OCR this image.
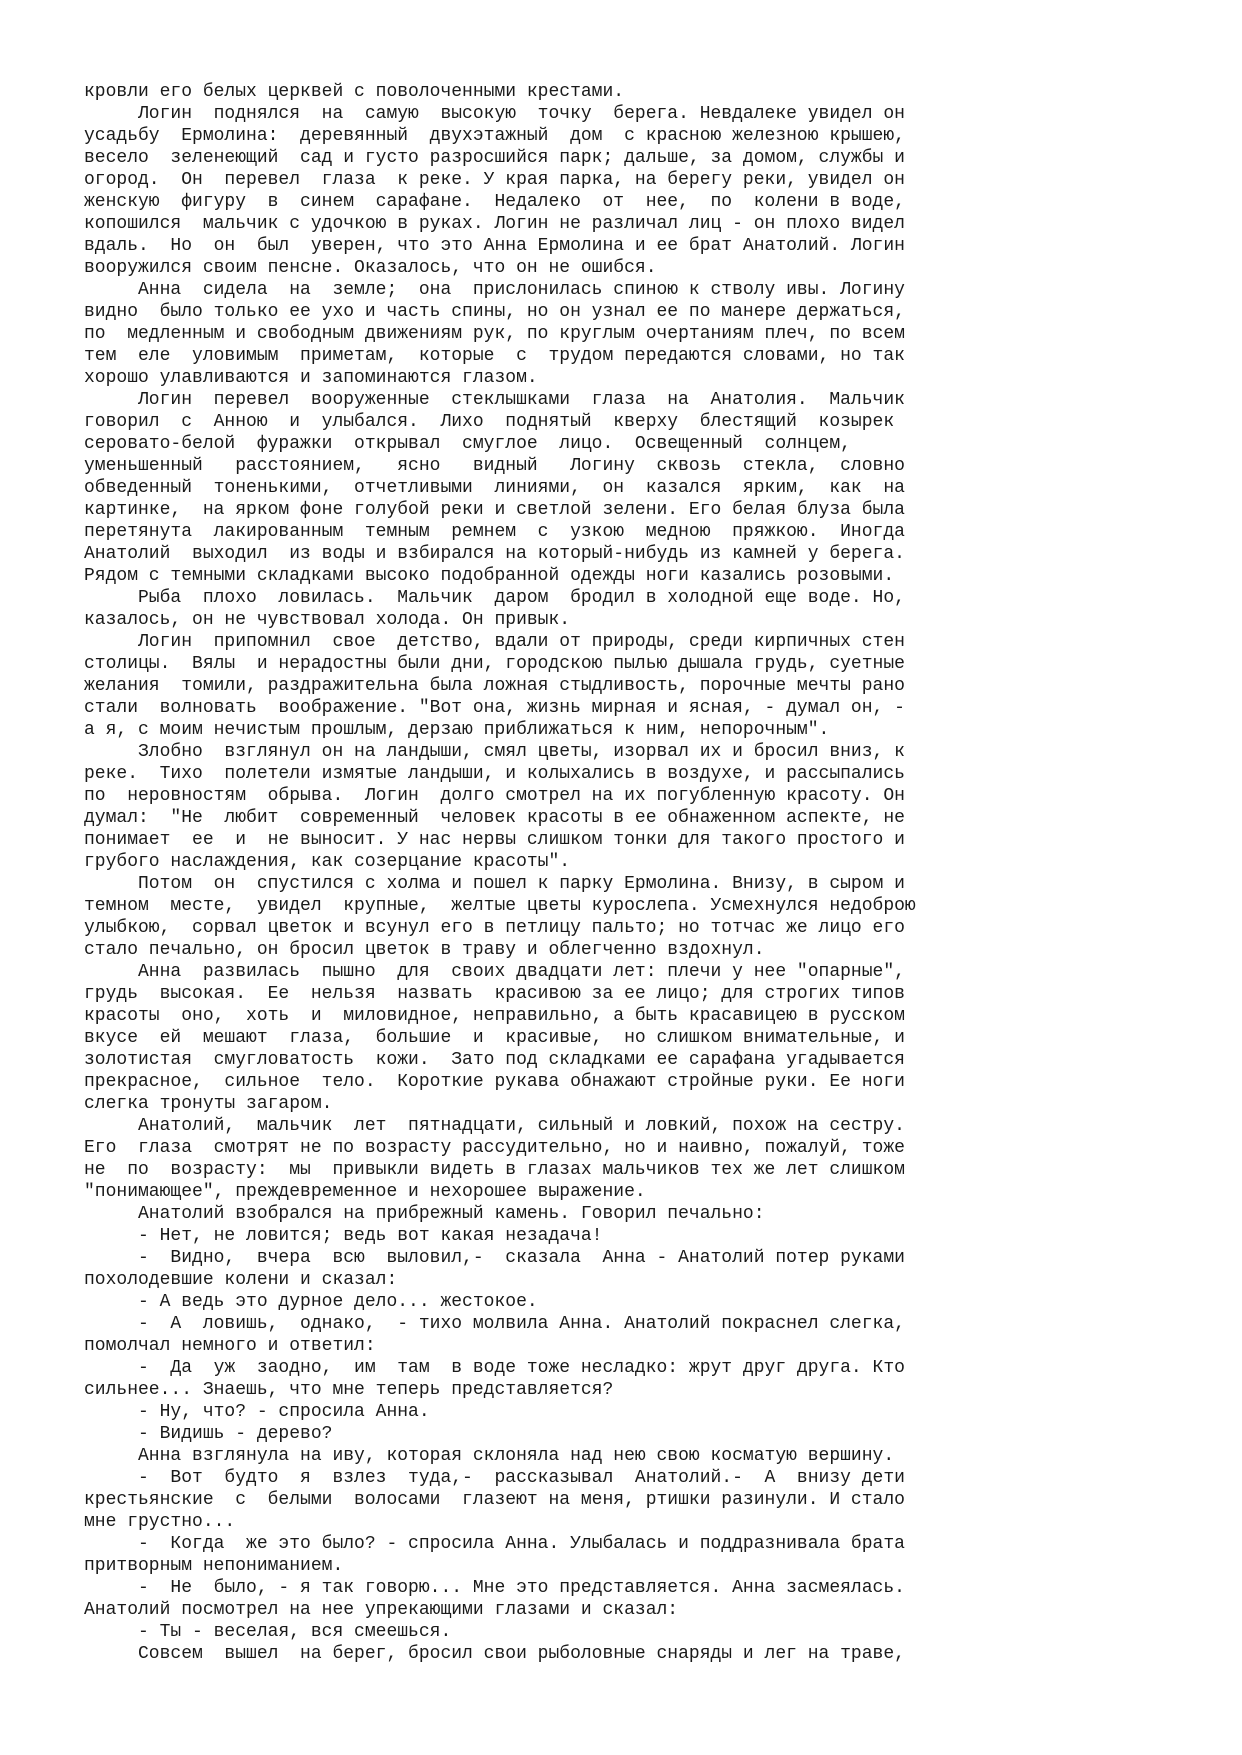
кровли его белых церквей с поволоченными крестами.
Логин  поднялся  на  самую  высокую  точку  берега. Невдалеке увидел он
усадьбу  Ермолина:  деревянный  двухэтажный  дом  с красною железною крышею,
весело  зеленеющий  сад и густо разросшийся парк; дальше, за домом, службы и
огород.  Он  перевел  глаза  к реке. У края парка, на берегу реки, увидел он
женскую  фигуру  в  синем  сарафане.  Недалеко  от  нее,  по  колени в воде,
копошился  мальчик с удочкою в руках. Логин не различал лиц - он плохо видел
вдаль.  Но  он  был  уверен, что это Анна Ермолина и ее брат Анатолий. Логин
вооружился своим пенсне. Оказалось, что он не ошибся.
Анна  сидела  на  земле;  она  прислонилась спиною к стволу ивы. Логину
видно  было только ее ухо и часть спины, но он узнал ее по манере держаться,
по  медленным и свободным движениям рук, по круглым очертаниям плеч, по всем
тем  еле  уловимым  приметам,  которые  с  трудом передаются словами, но так
хорошо улавливаются и запоминаются глазом.
Логин  перевел  вооруженные  стеклышками  глаза  на  Анатолия.  Мальчик
говорил  с  Анною  и  улыбался.  Лихо  поднятый  кверху  блестящий  козырек
серовато-белой  фуражки  открывал  смуглое  лицо.  Освещенный  солнцем,
уменьшенный   расстоянием,   ясно   видный   Логину  сквозь  стекла,  словно
обведенный  тоненькими,  отчетливыми  линиями,  он  казался  ярким,  как  на
картинке,  на ярком фоне голубой реки и светлой зелени. Его белая блуза была
перетянута  лакированным  темным  ремнем  с  узкою  медною  пряжкою.  Иногда
Анатолий  выходил  из воды и взбирался на который-нибудь из камней у берега.
Рядом с темными складками высоко подобранной одежды ноги казались розовыми.
Рыба  плохо  ловилась.  Мальчик  даром  бродил в холодной еще воде. Но,
казалось, он не чувствовал холода. Он привык.
Логин  припомнил  свое  детство, вдали от природы, среди кирпичных стен
столицы.  Вялы  и нерадостны были дни, городскою пылью дышала грудь, суетные
желания  томили, раздражительна была ложная стыдливость, порочные мечты рано
стали  волновать  воображение. "Вот она, жизнь мирная и ясная, - думал он, -
а я, с моим нечистым прошлым, дерзаю приближаться к ним, непорочным".
Злобно  взглянул он на ландыши, смял цветы, изорвал их и бросил вниз, к
реке.  Тихо  полетели измятые ландыши, и колыхались в воздухе, и рассыпались
по  неровностям  обрыва.  Логин  долго смотрел на их погубленную красоту. Он
думал:  "Не  любит  современный  человек красоты в ее обнаженном аспекте, не
понимает  ее  и  не выносит. У нас нервы слишком тонки для такого простого и
грубого наслаждения, как созерцание красоты".
Потом  он  спустился с холма и пошел к парку Ермолина. Внизу, в сыром и
темном  месте,  увидел  крупные,  желтые цветы курослепа. Усмехнулся недоброю
улыбкою,  сорвал цветок и всунул его в петлицу пальто; но тотчас же лицо его
стало печально, он бросил цветок в траву и облегченно вздохнул.
Анна  развилась  пышно  для  своих двадцати лет: плечи у нее "опарные",
грудь  высокая.  Ее  нельзя  назвать  красивою за ее лицо; для строгих типов
красоты  оно,  хоть  и  миловидное, неправильно, а быть красавицею в русском
вкусе  ей  мешают  глаза,  большие  и  красивые,  но слишком внимательные, и
золотистая  смугловатость  кожи.  Зато под складками ее сарафана угадывается
прекрасное,  сильное  тело.  Короткие рукава обнажают стройные руки. Ее ноги
слегка тронуты загаром.
Анатолий,  мальчик  лет  пятнадцати, сильный и ловкий, похож на сестру.
Его  глаза  смотрят не по возрасту рассудительно, но и наивно, пожалуй, тоже
не  по  возрасту:  мы  привыкли видеть в глазах мальчиков тех же лет слишком
"понимающее", преждевременное и нехорошее выражение.
Анатолий взобрался на прибрежный камень. Говорил печально:
- Нет, не ловится; ведь вот какая незадача!
-  Видно,  вчера  всю  выловил,-  сказала  Анна - Анатолий потер руками
похолодевшие колени и сказал:
- А ведь это дурное дело... жестокое.
-  А  ловишь,  однако,  - тихо молвила Анна. Анатолий покраснел слегка,
помолчал немного и ответил:
-  Да  уж  заодно,  им  там  в воде тоже несладко: жрут друг друга. Кто
сильнее... Знаешь, что мне теперь представляется?
- Ну, что? - спросила Анна.
- Видишь - дерево?
Анна взглянула на иву, которая склоняла над нею свою косматую вершину.
-  Вот  будто  я  взлез  туда,-  рассказывал  Анатолий.-  А  внизу дети
крестьянские  с  белыми  волосами  глазеют на меня, ртишки разинули. И стало
мне грустно...
-  Когда  же это было? - спросила Анна. Улыбалась и поддразнивала брата
притворным непониманием.
-  Не  было, - я так говорю... Мне это представляется. Анна засмеялась.
Анатолий посмотрел на нее упрекающими глазами и сказал:
- Ты - веселая, вся смеешься.
Совсем  вышел  на берег, бросил свои рыболовные снаряды и лег на траве,
